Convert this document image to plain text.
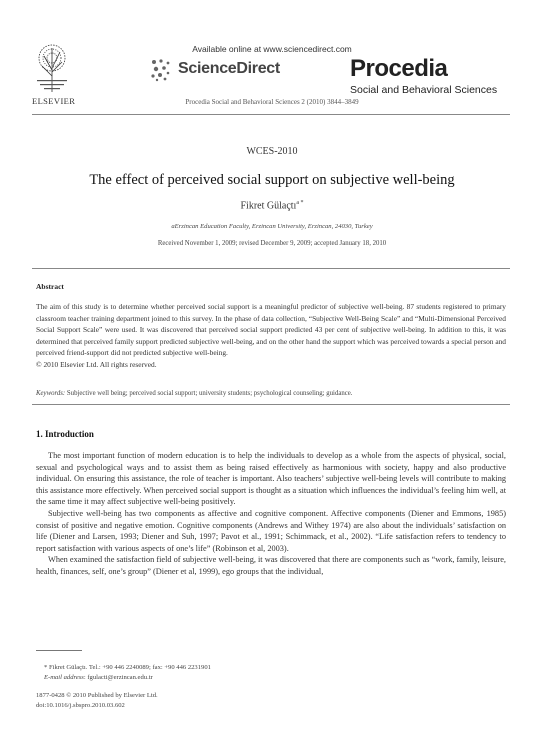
ELSEVIER
Available online at www.sciencedirect.com
ScienceDirect
Procedia Social and Behavioral Sciences 2 (2010) 3844–3849
Procedia
Social and Behavioral Sciences
WCES-2010
The effect of perceived social support on subjective well-being
Fikret Gülaçtı$^{a *}$
aErzincan Education Faculty, Erzincan University, Erzincan, 24030, Turkey
Received November 1, 2009; revised December 9, 2009; accepted January 18, 2010
Abstract

The aim of this study is to determine whether perceived social support is a meaningful predictor of subjective well-being. 87 students registered to primary classroom teacher training department joined to this survey. In the phase of data collection, “Subjective Well-Being Scale” and “Multi-Dimensional Perceived Social Support Scale” were used. It was discovered that perceived social support predicted 43 per cent of subjective well-being. In addition to this, it was determined that perceived family support predicted subjective well-being, and on the other hand the support which was perceived towards a special person and perceived friend-support did not predicted subjective well-being.

© 2010 Elsevier Ltd. All rights reserved.

Keywords: Subjective well being; perceived social support; university students; psychological counseling; guidance.
1. Introduction

The most important function of modern education is to help the individuals to develop as a whole from the aspects of physical, social, sexual and psychological ways and to assist them as being raised effectively as harmonious with society, happy and also productive individual. On ensuring this assistance, the role of teacher is important. Also teachers’ subjective well-being levels will contribute to making this assistance more effectively. When perceived social support is thought as a situation which influences the individual’s feeling him well, at the same time it may affect subjective well-being positively.

Subjective well-being has two components as affective and cognitive component. Affective components (Diener and Emmons, 1985) consist of positive and negative emotion. Cognitive components (Andrews and Withey 1974) are also about the individuals’ satisfaction on life (Diener and Larsen, 1993; Diener and Suh, 1997; Pavot et al., 1991; Schimmack, et al., 2002). “Life satisfaction refers to tendency to report satisfaction with various aspects of one’s life” (Robinson et al, 2003).

When examined the satisfaction field of subjective well-being, it was discovered that there are components such as “work, family, leisure, health, finances, self, one’s group” (Diener et al, 1999), ego groups that the individual,

* Fikret Gülaçtı. Tel.: +90 446 2240089; fax: +90 446 2231901
E-mail address: fgulacti@erzincan.edu.tr
1877-0428 © 2010 Published by Elsevier Ltd.
doi:10.1016/j.sbspro.2010.03.602
